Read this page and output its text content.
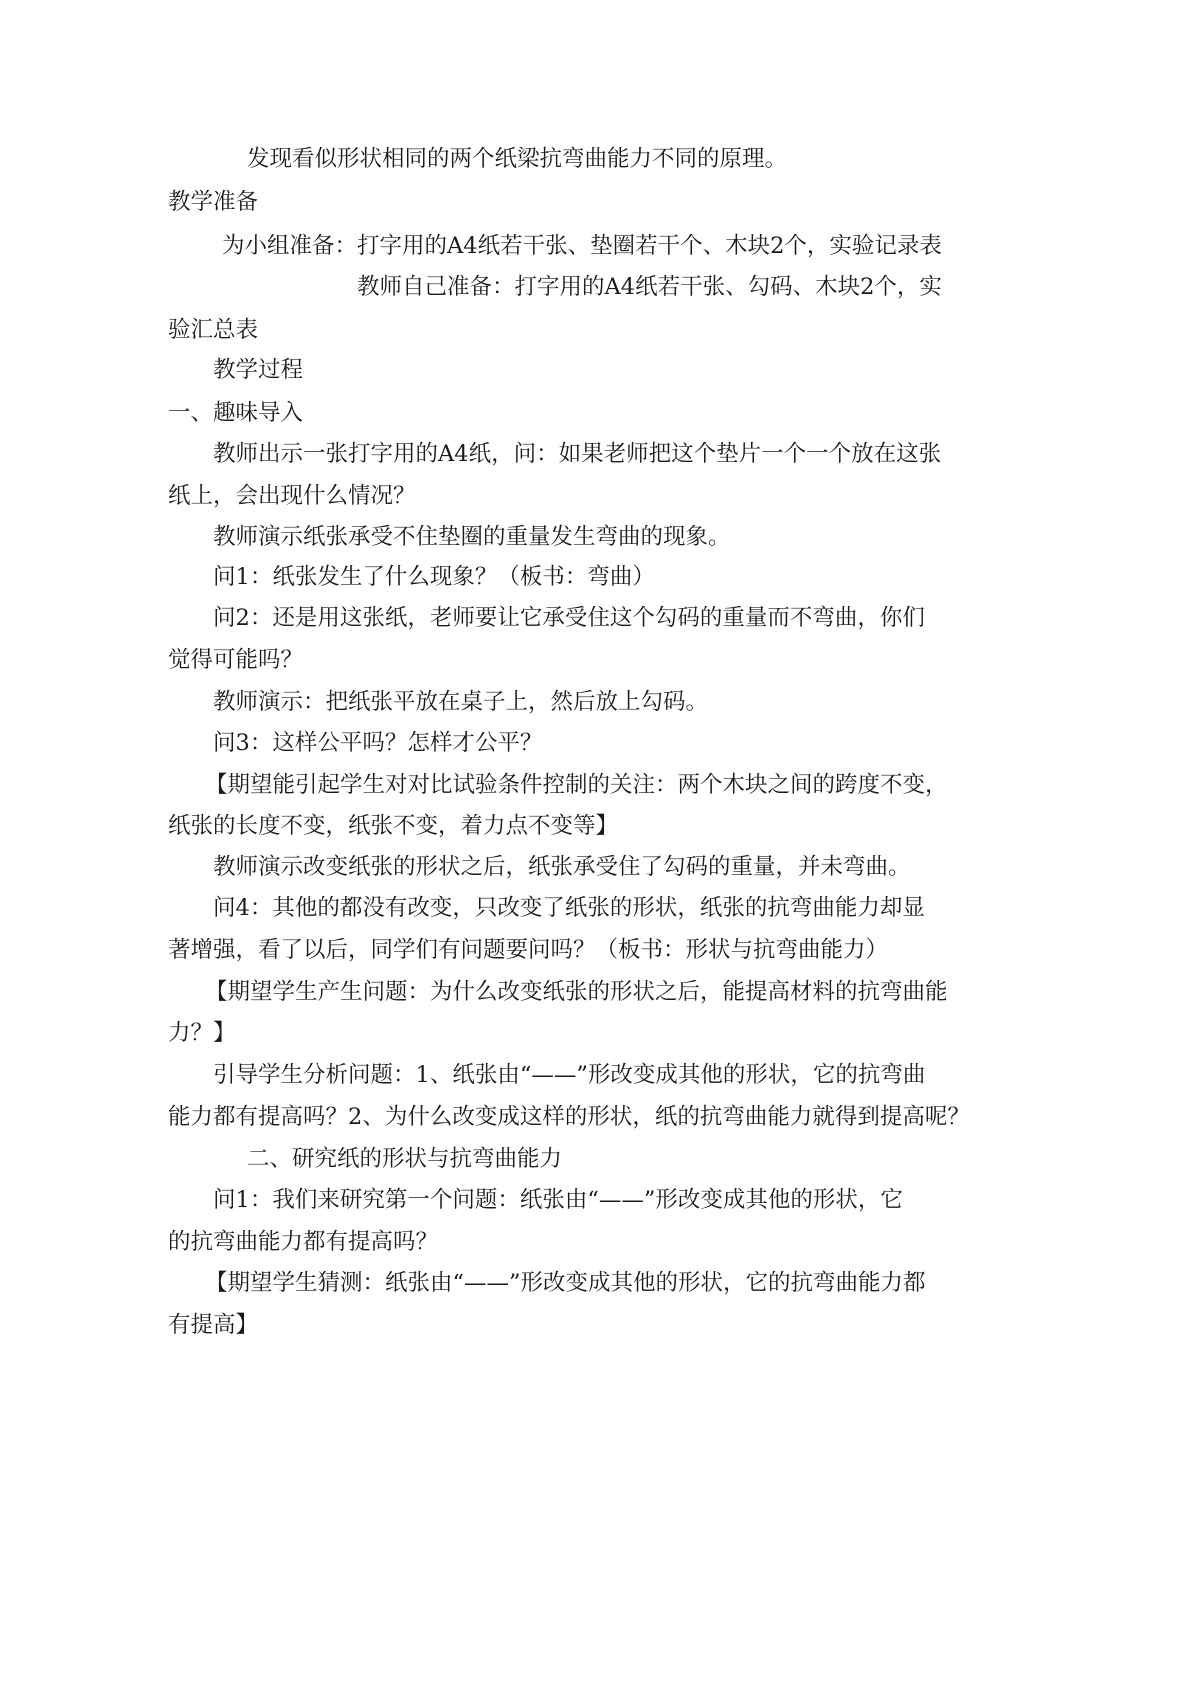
发现看似形状相同的两个纸梁抗弯曲能力不同的原理。

教学准备

为小组准备：打字用的A4纸若干张、垫圈若干个、木块2个，实验记录表

教师自己准备：打字用的A4纸若干张、勾码、木块2个，实

验汇总表

教学过程

一、趣味导入

教师出示一张打字用的A4纸，问：如果老师把这个垫片一个一个放在这张

纸上，会出现什么情况？

教师演示纸张承受不住垫圈的重量发生弯曲的现象。

问1：纸张发生了什么现象？（板书：弯曲）

问2：还是用这张纸，老师要让它承受住这个勾码的重量而不弯曲，你们

觉得可能吗？

教师演示：把纸张平放在桌子上，然后放上勾码。

问3：这样公平吗？怎样才公平？

【期望能引起学生对对比试验条件控制的关注：两个木块之间的跨度不变，

纸张的长度不变，纸张不变，着力点不变等】

教师演示改变纸张的形状之后，纸张承受住了勾码的重量，并未弯曲。

问4：其他的都没有改变，只改变了纸张的形状，纸张的抗弯曲能力却显

著增强，看了以后，同学们有问题要问吗？（板书：形状与抗弯曲能力）

【期望学生产生问题：为什么改变纸张的形状之后，能提高材料的抗弯曲能

力？】

引导学生分析问题：1、纸张由“——”形改变成其他的形状，它的抗弯曲

能力都有提高吗？2、为什么改变成这样的形状，纸的抗弯曲能力就得到提高呢？

二、研究纸的形状与抗弯曲能力

问1：我们来研究第一个问题：纸张由“——”形改变成其他的形状，它

的抗弯曲能力都有提高吗？

【期望学生猜测：纸张由“——”形改变成其他的形状，它的抗弯曲能力都

有提高】
